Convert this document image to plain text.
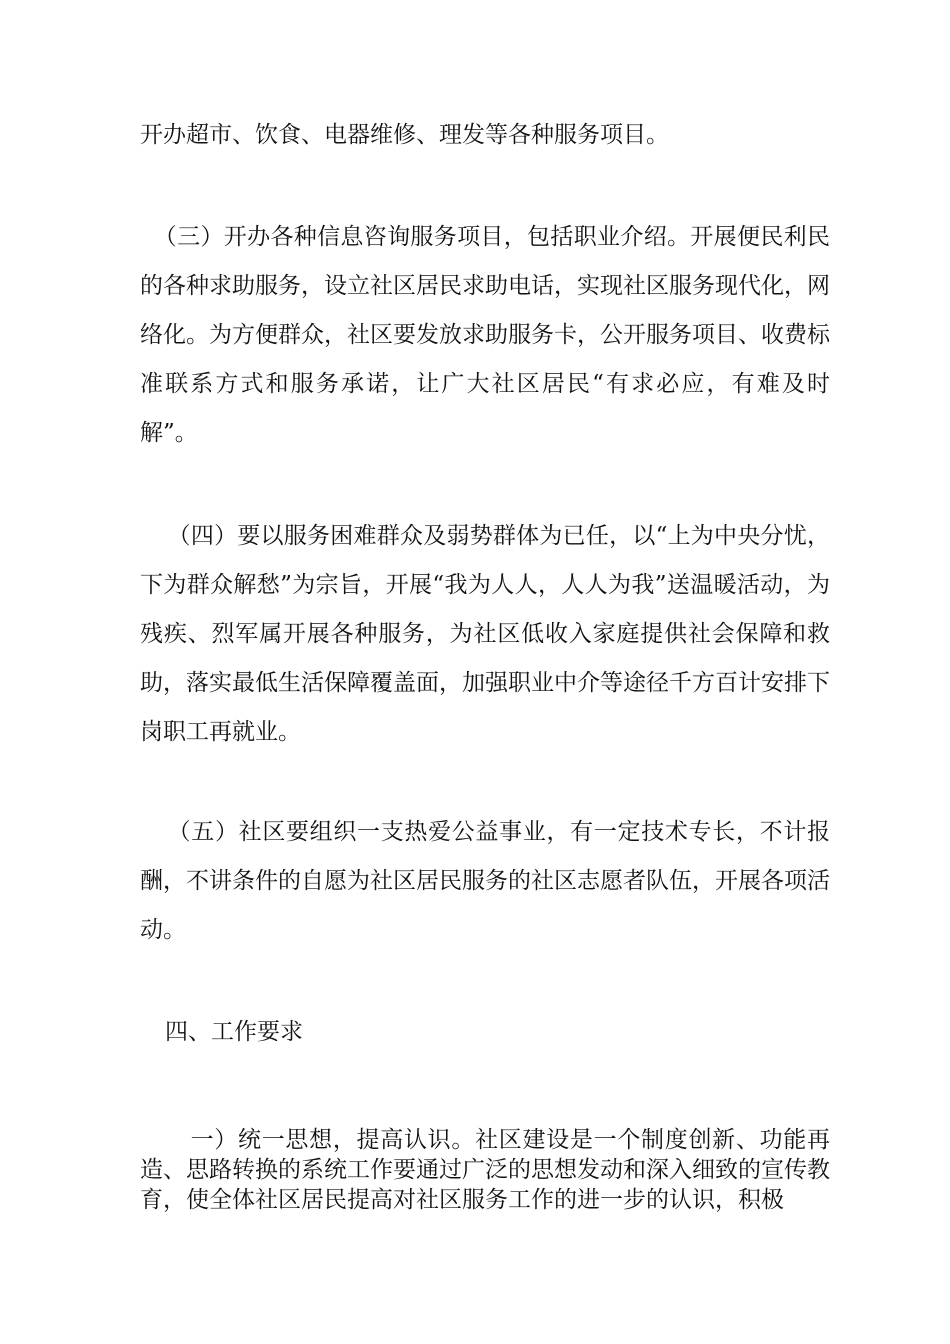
开办超市、饮食、电器维修、理发等各种服务项目。

（三）开办各种信息咨询服务项目，包括职业介绍。开展便民利民的各种求助服务，设立社区居民求助电话，实现社区服务现代化，网络化。为方便群众，社区要发放求助服务卡，公开服务项目、收费标准联系方式和服务承诺，让广大社区居民“有求必应，有难及时解”。

（四）要以服务困难群众及弱势群体为已任，以“上为中央分忧，下为群众解愁”为宗旨，开展“我为人人，人人为我”送温暖活动，为残疾、烈军属开展各种服务，为社区低收入家庭提供社会保障和救助，落实最低生活保障覆盖面，加强职业中介等途径千方百计安排下岗职工再就业。

（五）社区要组织一支热爱公益事业，有一定技术专长，不计报酬，不讲条件的自愿为社区居民服务的社区志愿者队伍，开展各项活动。

四、工作要求

一）统一思想，提高认识。社区建设是一个制度创新、功能再造、思路转换的系统工作要通过广泛的思想发动和深入细致的宣传教育，使全体社区居民提高对社区服务工作的进一步的认识，积极
